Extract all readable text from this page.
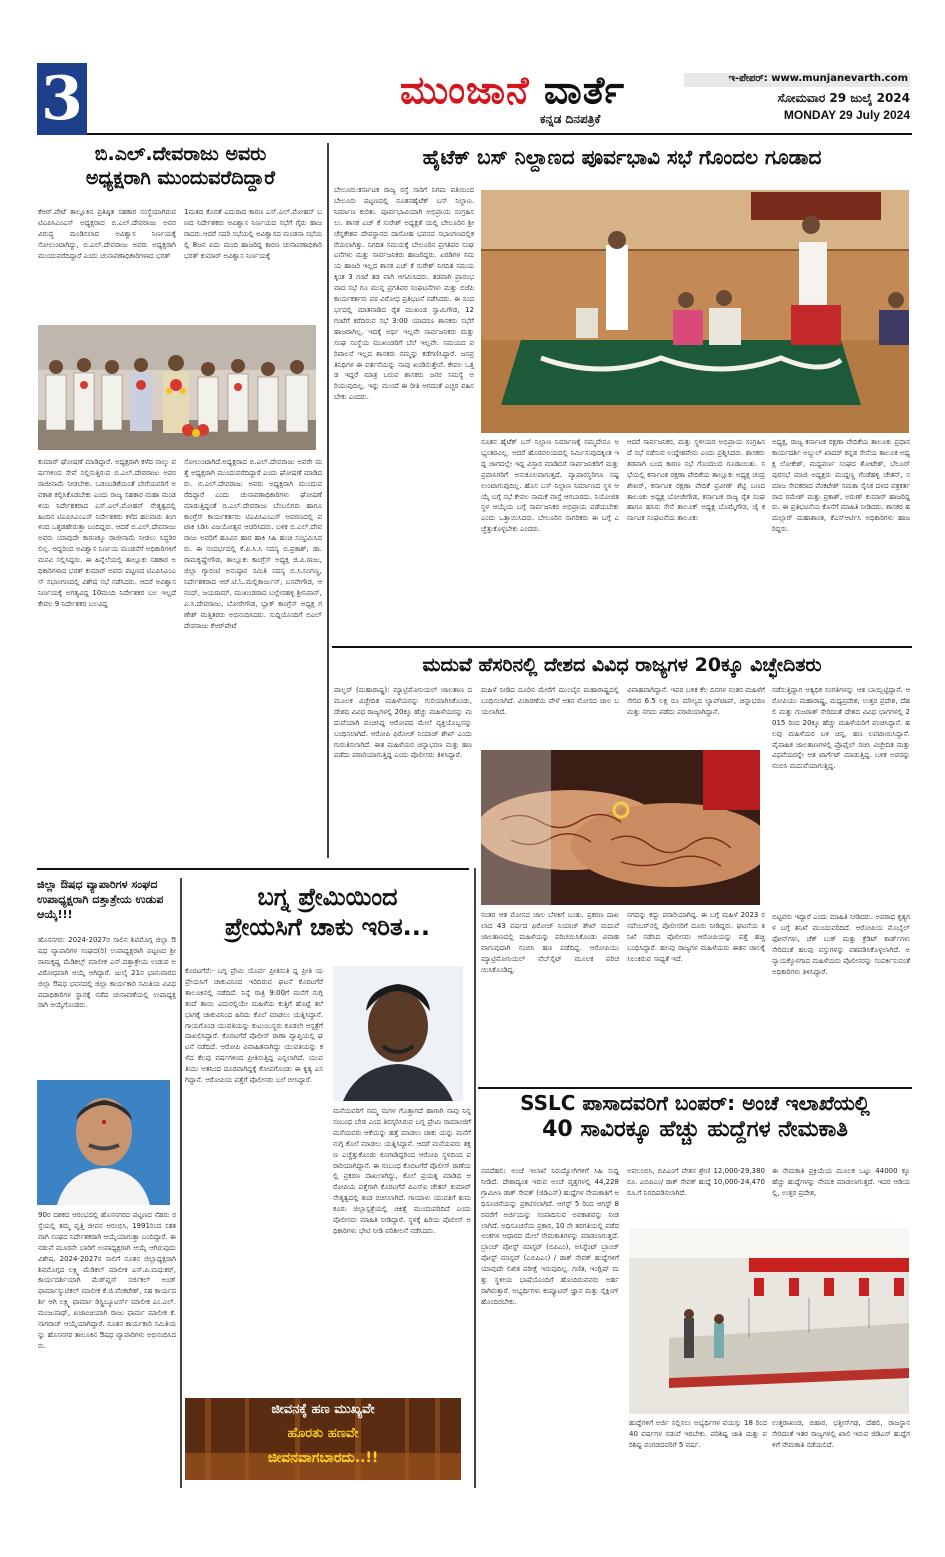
3	ಮುಂಜಾನೆ ವಾರ್ತೆ
ಕನ್ನಡ ದಿನಪತ್ರಿಕೆ
ಇ-ಪೇಪರ್: www.munjanevarth.com
ಸೋಮವಾರ 29 ಜುಲೈ 2024
MONDAY 29 July 2024
ಬಿ.ಎಲ್.ದೇವರಾಜು ಅವರು
ಅಧ್ಯಕ್ಷರಾಗಿ ಮುಂದುವರೆದಿದ್ದಾರೆ
ಕೆಆರ್.ಪೇಟೆ ತಾಲ್ಲೂಕಿನ ಪ್ರತಿಷ್ಠಿತ ಸಹಕಾರ ಸಂಸ್ಥೆಯಾಗಿರುವ ಟಿಎಪಿಸಿಎಂಎಸ್ ಅಧ್ಯಕ್ಷರಾದ ಬಿ.ಎಲ್.ದೇವರಾಜು ಅವರ ವಿರುದ್ಧ ಮಂಡಿಸಲಾದ ಅವಿಶ್ವಾಸ ನಿರ್ಣಯಕ್ಕೆ ಸೋಲುಂಟಾಗಿದ್ದು, ಬಿ.ಎಲ್.ದೇವರಾಜು ಅವರು ಅಧ್ಯಕ್ಷರಾಗಿ ಮುಂದುವರೆದಿದ್ದಾರೆ ಎಂದು ಚುನಾವಣಾಧಿಕಾರಿಗಳಾದ ಭರತ್
1ಮತದ ಕೊರತೆ ಎದುರಾದ ಕಾರಣ ಎಸ್.ಎಲ್.ಮೋಹನ್ ಬಣದ ನಿರ್ದೇಶಕರು ಅವಿಶ್ವಾಸ ನಿರ್ಣಯದ ಸಭೆಗೆ ಗೈರು ಹಾಜರಾದರು.ಆದರೆ ಸದರಿ ಸಭೆಯಲ್ಲಿ ಅವಿಶ್ವಾಸದ ಮಂಡನಾ ಸಭೆಯಲ್ಲಿ 8ಜನ ಐದು ಮಂದಿ ಹಾಜರಿದ್ದ ಕಾರಣ ಚುನಾವಣಾಧಿಕಾರಿ ಭರತ್ ಕುಮಾರ್ ಅವಿಶ್ವಾಸ ನಿರ್ಣಯಕ್ಕೆ
ಕುಮಾರ್ ಘೋಷಣೆ ಮಾಡಿದ್ದಾರೆ. ಅಧ್ಯಕ್ಷರಾಗಿ ಕಳೆದ ನಾಲ್ಕು ವರ್ಷಗಳಿಂದ ಸೇವೆ ಸಲ್ಲಿಸುತ್ತಿರುವ ಬಿ.ಎಲ್.ದೇವರಾಜು ಅವರ ರಾಜೀನಾಮೆ ನೀಡಬೇಕು. ಒಡಂಬಡಿಕೆಯಂತೆ ಬೇರೆಯವರಿಗೆ ಅವಕಾಶ ಕಲ್ಪಿಸಿಕೊಡಬೇಕು ಎಂದು ರಾಜ್ಯ ಸಹಕಾರ ಮಹಾ ಮಂಡಳಿಯ ನಿರ್ದೇಶಕರಾದ ಎಸ್.ಎಲ್.ಮೋಹನ್ ನೇತೃತ್ವದಲ್ಲಿ ಹಿಂದಿನ ಟಿಎಪಿಸಿಎಂಎಸ್ ನಿರ್ದೇಶಕರು ಕಳೆದ ಹಲವಾರು ತಿಂಗಳಿಂದ ಒತ್ತಡಹೇರುತ್ತಾ ಬಂದಿದ್ದರು. ಆದರೆ ಬಿ.ಎಲ್.ದೇವರಾಜು ಅವರು ಯಾವುದೇ ಕಾರಣಕ್ಕೂ ರಾಜೀನಾಮೆ ನೀಡಲು ಸಿದ್ಧರಿರಲಿಲ್ಲ. ಆದ್ದರಿಂದ ಅವಿಶ್ವಾಸ ನಿರ್ಣಯ ಮಂಡನೆಗೆ ಅಧಿಕಾರಿಗಳಿಗೆ ಮನವಿ ಸಲ್ಲಿಸಿದ್ದರು. ಈ ಹಿನ್ನೆಲೆಯಲ್ಲಿ ತಾಲ್ಲೂಕು ಸಹಕಾರ ಅಧಿಕಾರಿಗಳಾದ ಭರತ್ ಕುಮಾರ್ ಅವರು ಪಟ್ಟಣದ ಟಿಎಪಿಸಿಎಂಎಸ್ ಸಭಾಂಗಣದಲ್ಲಿ ವಿಶೇಷ ಸಭೆ ನಡೆಸಿದರು. ಆದರೆ ಅವಿಶ್ವಾಸ ನಿರ್ಣಯಕ್ಕೆ ಅಗತ್ಯವಿದ್ದ 10ಮಂದಿ ನಿರ್ದೇಶಕರ ಬಲ ಇಲ್ಲದೆ ಕೇವಲ 9 ನಿರ್ದೇಶಕರ ಬಲವಿದ್ದ
ಸೋಲುಂಟಾಗಿದೆ.ಅಧ್ಯಕ್ಷರಾದ ಬಿ.ಎಲ್.ದೇವರಾಜು ಅವರೇ ಮತ್ತೆ ಅಧ್ಯಕ್ಷರಾಗಿ ಮುಂದುವರೆದಿದ್ದಾರೆ ಎಂದು ಘೋಷಣೆ ಮಾಡಿದರು. ಬಿ.ಎಲ್.ದೇವರಾಜು ಅವರು ಅಧ್ಯಕ್ಷರಾಗಿ ಮುಂದುವರೆದಿದ್ದಾರೆ ಎಂದು ಚುನಾವಣಾಧಿಕಾರಿಗಳು ಘೋಷಣೆ ಮಾಡುತ್ತಿದ್ದಂತೆ ಬಿ.ಎಲ್.ದೇವರಾಜು ಬೆಂಬಲಿಗರು ಹಾಗೂ ಕಾಂಗ್ರೆಸ್ ಕಾರ್ಯಕರ್ತರು ಟಿಎಪಿಸಿಎಂಎಸ್ ಆವರಣದಲ್ಲಿ ಪಟಾಕಿ ಸಿಡಿಸಿ ವಿಜಯೋತ್ಸವ ಆಚರಿಸಿದರು. ಬಳಿಕ ಬಿ.ಎಲ್.ದೇವರಾಜು ಅವರಿಗೆ ಹೂವಿನ ಹಾರ ಹಾಕಿ ಸಿಹಿ ಹಂಚಿ ಸಂಭ್ರಮಿಸಿದರು. ಈ ಸಂದರ್ಭದಲ್ಲಿ ಕೆ.ಪಿ.ಸಿ.ಸಿ ಸದಸ್ಯ ಬಿ.ಪ್ರಕಾಶ್, ಡಾ.ರಾಮಕೃಷ್ಣೇಗೌಡ, ತಾಲ್ಲೂಕು ಕಾಂಗ್ರೆಸ್ ಅಧ್ಯಕ್ಷ ಜಿ.ಪಿ.ರಾಜು, ಜಿಲ್ಲಾ ಗ್ಯಾರಂಟಿ ಅನುಷ್ಠಾನ ಸಮಿತಿ ಸದಸ್ಯ ಬಿ.ಸಿ.ನಿಂಗಣ್ಣ, ನಿರ್ದೇಶಕರಾದ ಆರ್.ಟಿ.ಓ.ಮಲ್ಲಿಕಾರ್ಜುನ್, ಬಸವೇಗೌಡ, ಆನಂದ್, ಜಯರಾಮ್, ಮುಖಂಡರಾದ ಬಲ್ಲೇನಹಳ್ಳಿ ಶ್ರೀನಿವಾಸ್, ಎ.ಸಿ.ದೇವರಾಜು, ಬೋರೇಗೌಡ, ಬ್ಲಾಕ್ ಕಾಂಗ್ರೆಸ್ ಅಧ್ಯಕ್ಷ ಗಣೇಶ್ ಮತ್ತಿತರರು ಅಭಿನಂದಿಸಿದರು. ಸುದ್ದಿಯೊಂದಿಗೆ ಬಿಎಲ್ ದೇವರಾಜು ಕೆಆರ್‌ಪೇಟೆ
ಹೈಟೆಕ್ ಬಸ್ ನಿಲ್ದಾಣದ ಪೂರ್ವಭಾವಿ ಸಭೆ ಗೊಂದಲ ಗೂಡಾದ
ಬೇಲೂರು:ಕರ್ನಾಟಕ ರಾಜ್ಯ ರಸ್ತೆ ಸಾರಿಗೆ ನಿಗಮ ವತಿಯಿಂದ ಬೇಲೂರು ಪಟ್ಟಣದಲ್ಲಿ ನೂತನಹೈಟೆಕ್ ಬಸ್ ನಿಲ್ದಾಣ. ನಿರ್ಮಾಣ ಕುರಿತು. ಪೂರ್ವಭಾವಿಯಾಗಿ ಅಭಿಪ್ರಾಯ ಸಂಗ್ರಹಿಸಲು. ಶಾಸಕ ಎಚ್ ಕೆ ಸುರೇಶ್ ಅಧ್ಯಕ್ಷತೆ ಯಲ್ಲಿ ಬೇಲೂರಿನ ಶ್ರೀ ಚೆನ್ನಕೇಶವ ದೇವಸ್ಥಾನದ ದಾಸೋಹ ಭವನದ ಸಭಾಂಗಣದಲ್ಲಿಕರೆಯಲಾಗಿತ್ತು. ನಿಗದಿತ ಸಮಯಕ್ಕೆ ಬೇಲೂರಿನ ಪ್ರಗತಿಪರ ಸಂಘಟನೆಗಳು ಮತ್ತು ಸಾರ್ವಜನಿಕರು ಹಾಜರಿದ್ದರು. ಏರಡಿಗಳ ಸಮಯ ಹಾಜರಿ ಇಲ್ಲದ ಶಾಸಕ ಎಚ್ ಕೆ ಸುರೇಶ್ ನಿಗದಿತ ಸಮಯಕ್ಕಿಂತ 3 ಗಂಟೆ ತಡ ವಾಗಿ ಆಗಮಿಸಿದರು. ತಡವಾಗಿ ಪ್ರಾರಂಭವಾದ ಸಭೆ ಗೂ ಮುನ್ನ ಪ್ರಗತಿಪರ ಸಂಘಟನೆಗಳು ಮತ್ತು ಬಿಜೆಪಿ ಕಾರ್ಯಕರ್ತರು ಪರ ವಿರೋಧ ಪ್ರತಿಭಟನೆ ನಡೆಸಿದರು. ಈ ಸಂದರ್ಭದಲ್ಲಿ ಮಾತನಾಡಿದ ರೈತ ಮುಖಂಡ ಸ್ವಾಮಿಗೌಡ, 12 ಗಂಟೆಗೆ ಕರೆದಿರುವ ಸಭೆ 3:00 ಯಾದರೂ ಶಾಸಕರು ಸಭೆಗೆ ಹಾಜರಾಗಿಲ್ಲ. ಇದಕ್ಕೆ ಅರ್ಥ ಇಲ್ಲವೇ ಸಾರ್ವಜನಿಕರು ಮತ್ತು ಸಂಘ ಸಂಸ್ಥೆಯ ಮುಖಂಡರಿಗೆ ಬೆಲೆ ಇಲ್ಲವೇ. ಸಮಯದ ಪರಿಪಾಲನೆ ಇಲ್ಲದ ಶಾಸಕರು ನಮ್ಮನ್ನು ಕಡೆಗಣಿಸಿದ್ದಾರೆ. ಜನಪ್ರತಿನಿಧಿಗಳ ಈ ವರ್ತನೆಯನ್ನು ನಾವು ಖಂಡಿಸುತ್ತೇವೆ. ಕೇವಲ ಒತ್ತಡ ಇದ್ದರೆ ಮಾತ್ರ ಬರುವ ಶಾಸಕರು ಜನರ ಸಮಸ್ಯೆ ಅರಿಯುವುದಿಲ್ಲ. ಇನ್ನು ಮುಂದೆ ಈ ರೀತಿ ಆಗದಂತೆ ಎಚ್ಚರ ವಹಿಸಬೇಕು ಎಂದರು.
ನೂತನ ಹೈಟೆಕ್ ಬಸ್ ನಿಲ್ದಾಣ ನಿರ್ಮಾಣಕ್ಕೆ ನಮ್ಮದೇನೂ ಅಭ್ಯಂತರವಿಲ್ಲ. ಆದರೆ ಹೊರವಲಯದಲ್ಲಿ ನಿರ್ಮಿಸುವುದಕ್ಕಿಂತ ಇದ್ದ ಜಾಗದಲ್ಲೇ ಇದ್ದ ವಿಸ್ತಾರ ಮಾಡಿದರೆ ಸಾರ್ವಜನಿಕರಿಗೆ ಮತ್ತು ಪ್ರವಾಸಿಗರಿಗೆ ಅನುಕೂಲವಾಗುತ್ತದೆ. ವ್ಯಾಪಾರಸ್ಥರಿಗೂ ನಷ್ಟ ಉಂಟಾಗುವುದಿಲ್ಲ. ಹೊಸ ಬಸ್ ನಿಲ್ದಾಣ ನಿರ್ಮಾಣದ ಸ್ಥಳ ಆಯ್ಕೆ ಬಗ್ಗೆ ಸಭೆ ಕೇವಲ ನಾಮಕೆ ವಾಸ್ತೆ ಆಗಬಾರದು. ನಿಯೋಜಿತ ಸ್ಥಳ ಆಯ್ಕೆಯ ಬಗ್ಗೆ ಸಾರ್ವಜನಿಕರ ಅಭಿಪ್ರಾಯ ಪಡೆಯಬೇಕು ಎಂದು ಒತ್ತಾಯಿಸಿದರು. ಬೇಲೂರಿನ ನಾಗರಿಕರು ಈ ಬಗ್ಗೆ ಎಚ್ಚೆತ್ತುಕೊಳ್ಳಬೇಕು ಎಂದರು.
ಆದರೆ ಸಾರ್ವಜನಿಕರ, ಮತ್ತು ಸ್ಥಳೀಯರ ಅಭಿಪ್ರಾಯ ಸಂಗ್ರಹಿಸದೆ ಸಭೆ ನಡೆಸುವ ಉದ್ದೇಶವೇನು ಎಂದು ಪ್ರಶ್ನಿಸಿದರು. ಶಾಸಕರು ತಡವಾಗಿ ಬಂದ ಕಾರಣ ಸಭೆ ಗೊಂದಲದ ಗೂಡಾಯಿತು. ಸಭೆಯಲ್ಲಿ ಕರ್ನಾಟಕ ರಕ್ಷಣಾ ವೇದಿಕೆಯ ತಾಲ್ಲೂಕು ಅಧ್ಯಕ್ಷ ಚಂದ್ರಶೇಖರ್, ಕರ್ನಾಟಕ ರಕ್ಷಣಾ ವೇದಿಕೆ ಪ್ರವೀಣ್ ಶೆಟ್ಟಿ ಬಣದ ತಾಲೂಕು ಅಧ್ಯಕ್ಷ ಬೋಜೇಗೌಡ, ಕರ್ನಾಟಕ ರಾಜ್ಯ ರೈತ ಸಂಘ ಹಾಗೂ ಹಸಿರು ಸೇನೆ ತಾಲೂಕ್ ಅಧ್ಯಕ್ಷ ಬೊಮ್ಮೆಗೌಡ, ಜೈ ಕರ್ನಾಟಕ ಸಂಘಟನೆಯ ತಾಲೂಕು
ಅಧ್ಯಕ್ಷ, ರಾಜ್ಯ ಕರ್ನಾಟಕ ರಕ್ಷಣಾ ವೇದಿಕೆಯ ತಾಲೂಕು ಪ್ರಧಾನ ಕಾರ್ಯದರ್ಶಿ ಅಬ್ದುಲ್ ಖಾದರ್ ಕನ್ನಡ ಸೇನೆಯ ತಾಲೂಕ ಅಧ್ಯಕ್ಷ ಲೋಕೇಶ್, ಮಧ್ಯವರ್ಣ ಸಂಘದ ತೋಟೇಶ್, ಬೆಲೂರ್ ಪುರಸಭೆ ಮಾಜಿ ಅಧ್ಯಕ್ಷರು ಮುದ್ದಣ್ಣ ಗೆಂಡೆಹಳ್ಳಿ ಚೇತನ್, ಸಮಾಜ ಸೇವಕರಾದ ವೆಂಕಟೇಶ್ ಸಮತಾ ಸೈನಿಕ ದಳದ ಪತ್ರಕರ್ತರಾದ ರಮೇಶ್ ಮತ್ತು ಪ್ರಕಾಶ್, ಅರುಣ್ ಕುಮಾರ್ ಹಾಜರಿದ್ದರು. ಈ ಪ್ರತಿಭಟನೆಯ ಕೊನೆಗೆ ಮಾಹಿತಿ ನೀಡಿದರು. ಶಾಸಕರ ಹಮಲ್ಲಾರ್ ಮಹಾಶಾಂತ, ಕೆಎಸ್ಆರ್ಟಿಸಿ ಅಧಿಕಾರಿಗಳು ಹಾಜರಿದ್ದರು.
ಮದುವೆ ಹೆಸರಿನಲ್ಲಿ ದೇಶದ ವಿವಿಧ ರಾಜ್ಯಗಳ 20ಕ್ಕೂ ವಿಚ್ಛೇದಿತರು
ಪಾಲ್ಘರ್ (ಮಹಾರಾಷ್ಟ್ರ): ಮ್ಯಾಟ್ರಿಮೋನಿಯಲ್ ಜಾಲತಾಣ ದ ಮೂಲಕ ವಿಚ್ಛೇದಿತ ಮಹಿಳೆಯರನ್ನು ಗುರಿಯಾಗಿಸಿಕೊಂಡು, ದೇಶದ ವಿವಿಧ ರಾಜ್ಯಗಳಲ್ಲಿ 20ಕ್ಕೂ ಹೆಚ್ಚು ಮಹಿಳೆಯರನ್ನು ಮದುವೆಯಾಗಿ ವಂಚಿಸಿದ್ದ ಆರೋಪದ ಮೇಲೆ ವ್ಯಕ್ತಿಯೊಬ್ಬನನ್ನು ಬಂಧಿಸಲಾಗಿದೆ. ಆರೋಪಿ ಫಿರೋಜ್ ನಿಯಾಜ್ ಶೇಖ್ ಎಂದು ಗುರುತಿಸಲಾಗಿದೆ. ಈತ ಮಹಿಳೆಯರ ಚಿನ್ನಾಭರಣ ಮತ್ತು ಹಣ ಪಡೆದು ಪರಾರಿಯಾಗುತ್ತಿದ್ದ ಎಂದು ಪೊಲೀಸರು ತಿಳಿಸಿದ್ದಾರೆ.
ಮಹಿಳೆ ನೀಡಿದ ದೂರಿನ ಮೇರೆಗೆ ಮುಂಬೈನ ಮಹಾರಾಷ್ಟ್ರದಲ್ಲಿ ಬಂಧಿಸಲಾಗಿದೆ. ವಿಚಾರಣೆಯ ವೇಳೆ ಆತನ ಮೋಸದ ಜಾಲ ಬಯಲಾಗಿದೆ.
ವಿವಾಹವಾಗಿದ್ದಾನೆ. ಇವರ ಬಳಿಕ ಕೆಲ ದಿನಗಳ ನಂತರ ಮಹಿಳೆಗೆ ಸೇರಿದ 6.5 ಲಕ್ಷ ರೂ ಮೌಲ್ಯದ ಲ್ಯಾಪ್‌ಟಾಪ್, ಚಿನ್ನಾಭರಣ ಮತ್ತು ನಗದು ಪಡೆದು ಪರಾರಿಯಾಗಿದ್ದಾನೆ.
ನಡೆಸುತ್ತಿದ್ದಾಗ ಆತ್ಯಧಿಕ ಸಂಗತಿಗಳನ್ನು ಆತ ಬಾಯ್ಬಿಟ್ಟಿದ್ದಾನೆ. ಆರೋಪಿಯು ಮಹಾರಾಷ್ಟ್ರ, ಮಧ್ಯಪ್ರದೇಶ, ಉತ್ತರ ಪ್ರದೇಶ, ದೆಹಲಿ ಮತ್ತು ಗುಜರಾತ್ ಸೇರಿದಂತೆ ದೇಶದ ವಿವಿಧ ಭಾಗಗಳಲ್ಲಿ 2015 ರಿಂದ 20ಕ್ಕೂ ಹೆಚ್ಚು ಮಹಿಳೆಯರಿಗೆ ವಂಚಿಸಿದ್ದಾನೆ. ಹಲವು ಮಹಿಳೆಯರ ಬಳಿ ಚಿನ್ನ, ಹಣ ಲಪಟಾಯಿಸಿದ್ದಾನೆ. ವೈವಾಹಿಕ ಜಾಲತಾಣಗಳಲ್ಲಿ ಪ್ರೊಫೈಲ್ ರಚಿಸಿ ವಿಚ್ಛೇದಿತ ಮತ್ತು ವಿಧವೆಯರನ್ನೇ ಆತ ಟಾರ್ಗೆಟ್ ಮಾಡುತ್ತಿದ್ದ. ಬಳಿಕ ಅವರನ್ನು ನಂಬಿಸಿ ಮದುವೆಯಾಗುತ್ತಿದ್ದ.
ನಂತರ ಆತ ಮೋಸದ ಜಾಲ ಬೆಳಕಿಗೆ ಬಂತು. ಪ್ರಕರಣ ದಾಖಲಾದ 43 ವರ್ಷದ ಫಿರೋಜ್ ನಿಯಾಜ್ ಶೇಖ್ ಮದುವೆ ಜಾಲತಾಣದಲ್ಲಿ ಮಹಿಳೆಯನ್ನು ಪರಿಚಯಿಸಿಕೊಂಡು ವಿವಾಹವಾಗುವುದಾಗಿ ನಂಬಿಸಿ ಹಣ ಪಡೆದಿದ್ದ. ಆರೋಪಿಯು ಮ್ಯಾಟ್ರಿಮೋನಿಯಲ್ ವೆಬ್‌ಸೈಟ್ ಮೂಲಕ ಪರಿಚಯಿಸಿಕೊಂಡಿದ್ದ.
ನಗದನ್ನು ಕದ್ದು ಪರಾರಿಯಾಗಿದ್ದ. ಈ ಬಗ್ಗೆ ಮಹಿಳೆ 2023 ರ ನವೆಂಬರ್‌ನಲ್ಲಿ ಪೊಲೀಸರಿಗೆ ದೂರು ನೀಡಿದ್ದರು. ಘಟನೆಯ ತನಿಖೆ ನಡೆಸಿದ ಪೊಲೀಸರು ಆರೋಪಿಯನ್ನು ಪತ್ತೆ ಹಚ್ಚಿ ಬಂಧಿಸಿದ್ದಾರೆ. ಹಲವು ರಾಜ್ಯಗಳ ಮಹಿಳೆಯರು ಈತನ ಜಾಲಕ್ಕೆ ಸಿಲುಕಿರುವ ಸಾಧ್ಯತೆ ಇದೆ.
ಬಿಟ್ಟವರು ಇದ್ದಾರೆ ಎಂದು ಮಾಹಿತಿ ನೀಡಿದರು. ಅಪರಾಧ ಕೃತ್ಯಗಳ ಬಗ್ಗೆ ತನಿಖೆ ಮುಂದುವರಿದಿದೆ. ಆರೋಪಿಯ ಮೊಬೈಲ್ ಫೋನ್‌ಗಳು, ಚೆಕ್ ಬುಕ್ ಮತ್ತು ಕ್ರೆಡಿಟ್ ಕಾರ್ಡ್‌ಗಳು ಸೇರಿದಂತೆ ಹಲವು ವಸ್ತುಗಳನ್ನು ವಶಪಡಿಸಿಕೊಳ್ಳಲಾಗಿದೆ. ಅನ್ಯಾಯಕ್ಕೊಳಗಾದ ಮಹಿಳೆಯರು ಪೊಲೀಸರನ್ನು ಸಂಪರ್ಕಿಸುವಂತೆ ಅಧಿಕಾರಿಗಳು ತಿಳಿಸಿದ್ದಾರೆ.
ಜಿಲ್ಲಾ ಔಷಧ ವ್ಯಾಪಾರಿಗಳ ಸಂಘದ ಉಪಾಧ್ಯಕ್ಷರಾಗಿ ದತ್ತಾತ್ರೇಯ ಉಡುಪ ಆಯ್ಕೆ!!!
ಹೊಸನಗರ: 2024-2027ರ ಸಾಲಿನ ಶಿವಮೊಗ್ಗ ಜಿಲ್ಲಾ ಔಷಧ ವ್ಯಾಪಾರಿಗಳ ಸಂಘದ(ರಿ) ಉಪಾಧ್ಯಕ್ಷರಾಗಿ ಪಟ್ಟಣದ ಶ್ರೀ ರಾಮಕೃಷ್ಣ ಮೆಡಿಕಲ್ಸ್ ಮಾಲೀಕ ಎನ್.ದತ್ತಾತ್ರೇಯ ಉಡುಪ ಅವಿರೋಧವಾಗಿ ಆಯ್ಕೆ ಆಗಿದ್ದಾರೆ. ಜುಲೈ 21ರ ಭಾನುವಾರದ ಜಿಲ್ಲಾ ಔಷಧ ಭವನದಲ್ಲಿ ಜಿಲ್ಲಾ ಕಾರ್ಯಕಾರಿ ಸಮಿತಿಯ ವಿವಿಧ ಪದಾಧಿಕಾರಿಗಳ ಸ್ಥಾನಕ್ಕೆ ನಡೆದ ಚುನಾವಣೆಯಲ್ಲಿ ಉಪಾಧ್ಯಕ್ಷರಾಗಿ ಆಯ್ಕೆಗೊಂಡರು.
90ರ ದಶಕದ ಆರಂಭದಲ್ಲಿ ಹೊಸನಗರದ ಪಟ್ಟಣದ ನೆಹರು ರಸ್ತೆಯಲ್ಲಿ ತಮ್ಮ ವೃತ್ತಿ ಜೀವನ ಆರಂಭಿಸಿ, 1991ರಿಂದ ಸತತವಾಗಿ ಸಂಘದ ನಿರ್ದೇಶಕರಾಗಿ ಆಯ್ಕೆಯಾಗುತ್ತಾ ಬಂದಿದ್ದಾರೆ. ಈ ನಡುವೆ ಮೂರನೇ ಬಾರಿಗೆ ಉಪಾಧ್ಯಕ್ಷರಾಗಿ ಆಯ್ಕೆ ಆಗಿರುವುದು ವಿಶೇಷ. 2024-2027ರ ಸಾಲಿಗೆ ನೂತನ ಜಿಲ್ಲಾಧ್ಯಕ್ಷರಾಗಿ ಶಿವಮೊಗ್ಗದ ಲಕ್ಷ್ಮಿ ಮೆಡಿಕಲ್ ಮಾಲೀಕ ಎಸ್.ಪಿ.ಮಧುಕರ್, ಕಾರ್ಯದರ್ಶಿಯಾಗಿ ಮೆಡ್‌ಪ್ಲಸ್ ಸರ್ಜಿಕಲ್ ಅಂಡ್ ಫಾರ್ಮಾಸ್ಯುಟಿಕಲ್ ಮಾಲೀಕ ಕೆ.ಜಿ.ವೆಂಕಟೇಶ್, ಸಹ ಕಾರ್ಯದರ್ಶಿ ಆಗಿ ಲಕ್ಷ್ಮಿ ಫಾರ್ಮಾ ಡಿಸ್ಟ್ರಿಬ್ಯೂಟರ್ಸ್ ಮಾಲೀಕ ಎಂ.ಎಲ್.ಮಂಜುನಾಥ್, ಖಜಾಂಚಿಯಾಗಿ ರಾಜು ಫಾರ್ಮ ಮಾಲೀಕ ಕೆ.ನಾಗರಾಜ್ ಆಯ್ಕೆಯಾಗಿದ್ದಾರೆ. ನೂತನ ಕಾರ್ಯಕಾರಿ ಸಮಿತಿಯನ್ನು ಹೊಸನಗರ ತಾಲೂಕಿನ ಔಷಧ ವ್ಯಾಪಾರಿಗಳು ಅಭಿನಂದಿಸಿದರು.
ಬಗ್ನ ಪ್ರೇಮಿಯಿಂದ
ಪ್ರೇಯಸಿಗೆ ಚಾಕು ಇರಿತ...
ಕೊರಟಗೆರೆ:- ಬಗ್ನ ಪ್ರೇಮಿ ಯೊರ್ವ ಪ್ರೀತಿಸುತಿ ದ್ದ ಪ್ರೀತಿ ಯ ಪ್ರೇಯಸಿಗೆ ಚಾಕುವಿನಿಂದ ಇರಿದಿರುವ ಘಟನೆ ಕೊರಟಗೆರೆ ತಾಲೂಕಿನಲ್ಲಿ ನಡೆದಿದೆ. ನಿನ್ನೆ ರಾತ್ರಿ 9:00ಗೆ ಮನೆಗೆ ನುಗ್ಗಿ ತಂದೆ ತಾಯಿ ಎದುರಲ್ಲಿಯೇ ಮಹಿಳೆಯ ಕುತ್ತಿಗೆ ಹೊಟ್ಟೆ ತಲೆ ಭಾಗಕ್ಕೆ ಚಾಕುವಿನಿಂದ ಹಿರಿದು ಕೊಲೆ ಮಾಡಲು ಯತ್ನಿಸಿದ್ದಾನೆ. ಗಾಯಗೊಂಡ ಯುವತಿಯನ್ನು ಕುಟುಂಬಸ್ಥರು ಕೂಡಲೇ ಆಸ್ಪತ್ರೆಗೆ ದಾಖಲಿಸಿದ್ದಾರೆ. ಕೊರಟಗೆರೆ ಪೊಲೀಸ್ ಠಾಣಾ ವ್ಯಾಪ್ತಿಯಲ್ಲಿ ಘಟನೆ ನಡೆದಿದೆ. ಆರೋಪಿ ವಿವಾಹಿತನಾಗಿದ್ದು ಯುವತಿಯನ್ನು ಕಳೆದ ಕೆಲವು ವರ್ಷಗಳಿಂದ ಪ್ರೀತಿಸುತ್ತಿದ್ದ ಎನ್ನಲಾಗಿದೆ. ಯುವತಿಯು ಆತನಿಂದ ದೂರವಾಗಿದ್ದಕ್ಕೆ ಕೋಪಗೊಂಡು ಈ ಕೃತ್ಯ ಎಸಗಿದ್ದಾನೆ. ಆರೋಪಿಯ ಪತ್ತೆಗೆ ಪೊಲೀಸರು ಬಲೆ ಬೀಸಿದ್ದಾರೆ.
ಮನೆಯವರಿಗೆ ನಮ್ಮ ಮಗಳ ಗೊತ್ತಾಗದೆ ಹಾಗಾಗಿ ನಾವು ನಿನ್ನ ಸಂಬಂಧ ಬೇಡ ಎಂದ ತಿರಸ್ಕರಿಸಿರುವ ಬಗ್ನ ಪ್ರೇಮಿ ರಾಮಾಂಜಿಗೆ ಮನೆಯವರು ಆಕೆಯನ್ನು ಹತ್ತೆ ಮಾಡಲು ಚಾಕು ಯನ್ನು ಮನೆಗೆ ನುಗ್ಗಿ ಕೊಲೆ ಮಾಡಲು ಯತ್ನಿಸಿದ್ದಾನೆ. ಆದರೆ ಮನೆಯವರು ತಕ್ಷಣ ಎಚ್ಚೆತ್ತುಕೊಂಡು ಕೂಗಾಡಿದ್ದರಿಂದ ಆರೋಪಿ ಸ್ಥಳದಿಂದ ಪರಾರಿಯಾಗಿದ್ದಾನೆ. ಈ ಸಂಬಂಧ ಕೊರಟಗೆರೆ ಪೊಲೀಸ್ ಠಾಣೆಯಲ್ಲಿ ಪ್ರಕರಣ ದಾಖಲಾಗಿದ್ದು, ಕೊಲೆ ಪ್ರಯತ್ನ ಮಾಡಿದ ಆರೋಪಿಯ ಪತ್ತೆಗಾಗಿ ಕೊರಟಗೆರೆ ಪಿಎಸ್ಐ ಚೇತನ್ ಕುಮಾರ್ ನೇತೃತ್ವದಲ್ಲಿ ತಂಡ ರಚಿಸಲಾಗಿದೆ. ಗಾಯಾಳು ಯುವತಿಗೆ ತುಮಕೂರು ಜಿಲ್ಲಾಸ್ಪತ್ರೆಯಲ್ಲಿ ಚಿಕಿತ್ಸೆ ಮುಂದುವರಿದಿದೆ ಎಂದು ಪೊಲೀಸರು ಮಾಹಿತಿ ನೀಡಿದ್ದಾರೆ. ಸ್ಥಳಕ್ಕೆ ಹಿರಿಯ ಪೊಲೀಸ್ ಅಧಿಕಾರಿಗಳು ಭೇಟಿ ನೀಡಿ ಪರಿಶೀಲನೆ ನಡೆಸಿದರು.
ಜೀವನಕ್ಕೆ ಹಣ ಮುಖ್ಯವೇ
ಹೊರತು ಹಣವೇ
ಜೀವನವಾಗಬಾರದು..!!
SSLC ಪಾಸಾದವರಿಗೆ ಬಂಪರ್: ಅಂಚೆ ಇಲಾಖೆಯಲ್ಲಿ
40 ಸಾವಿರಕ್ಕೂ ಹೆಚ್ಚು ಹುದ್ದೆಗಳ ನೇಮಕಾತಿ
ನವದೆಹಲಿ: ಅಂಚೆ ಇಲಾಖೆ ನಿರುದ್ಯೋಗಿಗಳಿಗೆ ಸಿಹಿ ಸುದ್ದಿ ನೀಡಿದೆ. ದೇಶಾದ್ಯಂತ ಇರುವ ಅಂಚೆ ವೃತ್ತಗಳಲ್ಲಿ 44,228 ಗ್ರಾಮೀಣ ಡಾಕ್ ಸೇವಕ್ (ಜಿಡಿಎಸ್) ಹುದ್ದೆಗಳ ನೇಮಕಾತಿಗೆ ಅಧಿಸೂಚನೆಯನ್ನು ಪ್ರಕಟಿಸಲಾಗಿದೆ. ಆಗಸ್ಟ್ 5 ರಿಂದ ಆಗಸ್ಟ್ 8 ರವರೆಗೆ ಅರ್ಜಿಯನ್ನು ಸಂಪಾದಿಸುವ ಅವಕಾಶವನ್ನು ನೀಡಲಾಗಿದೆ. ಅಧಿಸೂಚನೆಯ ಪ್ರಕಾರ, 10 ನೇ ತರಗತಿಯಲ್ಲಿ ಪಡೆದ ಅಂಕಗಳ ಆಧಾರದ ಮೇಲೆ ನೇಮಕಾತಿಗಳನ್ನು ಮಾಡಲಾಗುತ್ತದೆ. ಬ್ರಾಂಚ್ ಪೋಸ್ಟ್ ಮಾಸ್ಟರ್ (ಬಿಪಿಎಂ), ಅಸಿಸ್ಟೆಂಟ್ ಬ್ರಾಂಚ್ ಪೋಸ್ಟ್ ಮಾಸ್ಟರ್ (ಎಬಿಪಿಎಂ) / ಡಾಕ್ ಸೇವಕ್ ಹುದ್ದೆಗಳಿಗೆ ಯಾವುದೇ ಲಿಖಿತ ಪರೀಕ್ಷೆ ಇರುವುದಿಲ್ಲ. ಗಣಿತ, ಇಂಗ್ಲಿಷ್ ಮತ್ತು ಸ್ಥಳೀಯ ಭಾಷೆಯೊಂದಿಗೆ ಹೊಂದಿರುವವರು ಅರ್ಹರಾಗಿರುತ್ತಾರೆ. ಅಭ್ಯರ್ಥಿಗಳು ಕಂಪ್ಯೂಟರ್ ಜ್ಞಾನ ಮತ್ತು ಸೈಕ್ಲಿಂಗ್ ಹೊಂದಿರಬೇಕು.
ಅವಲಂಬಿಸಿ, ಬಿಪಿಎಂಗೆ ವೇತನ ಶ್ರೇಣಿ 12,000-29,380 ರೂ. ಎಬಿಪಿಎಂ/ ಡಾಕ್ ಸೇವಕ್ ಹುದ್ದೆ 10,000-24,470 ರೂ.ಗೆ ನಿಗದಿಪಡಿಸಲಾಗಿದೆ.
ಈ ನೇಮಕಾತಿ ಪ್ರಕ್ರಿಯೆಯ ಮೂಲಕ ಒಟ್ಟು 44000 ಕ್ಕೂ ಹೆಚ್ಚು ಹುದ್ದೆಗಳನ್ನು ನೇಮಕ ಮಾಡಲಾಗುತ್ತದೆ. ಇದರ ಆಡಿಯಲ್ಲಿ, ಉತ್ತರ ಪ್ರದೇಶ,
ಹುದ್ದೆಗಳಿಗೆ ಅರ್ಜಿ ಸಲ್ಲಿಸಲು ಅಭ್ಯರ್ಥಿಗಳ ವಯಸ್ಸು 18 ರಿಂದ 40 ವರ್ಷಗಳ ನಡುವೆ ಇರಬೇಕು. ಪರಿಶಿಷ್ಟ ಜಾತಿ ಮತ್ತು ಪರಿಶಿಷ್ಟ ಪಂಗಡದವರಿಗೆ 5 ವರ್ಷ.
ಉತ್ತರಾಖಂಡ, ಬಿಹಾರ, ಛತ್ತೀಸ್‌ಗಢ, ದೆಹಲಿ, ರಾಜಸ್ಥಾನ ಸೇರಿದಂತೆ ಇತರ ರಾಜ್ಯಗಳಲ್ಲಿ ಖಾಲಿ ಇರುವ ಜಿಡಿಎಸ್ ಹುದ್ದೆಗಳಿಗೆ ನೇಮಕಾತಿ ನಡೆಯಲಿದೆ.
